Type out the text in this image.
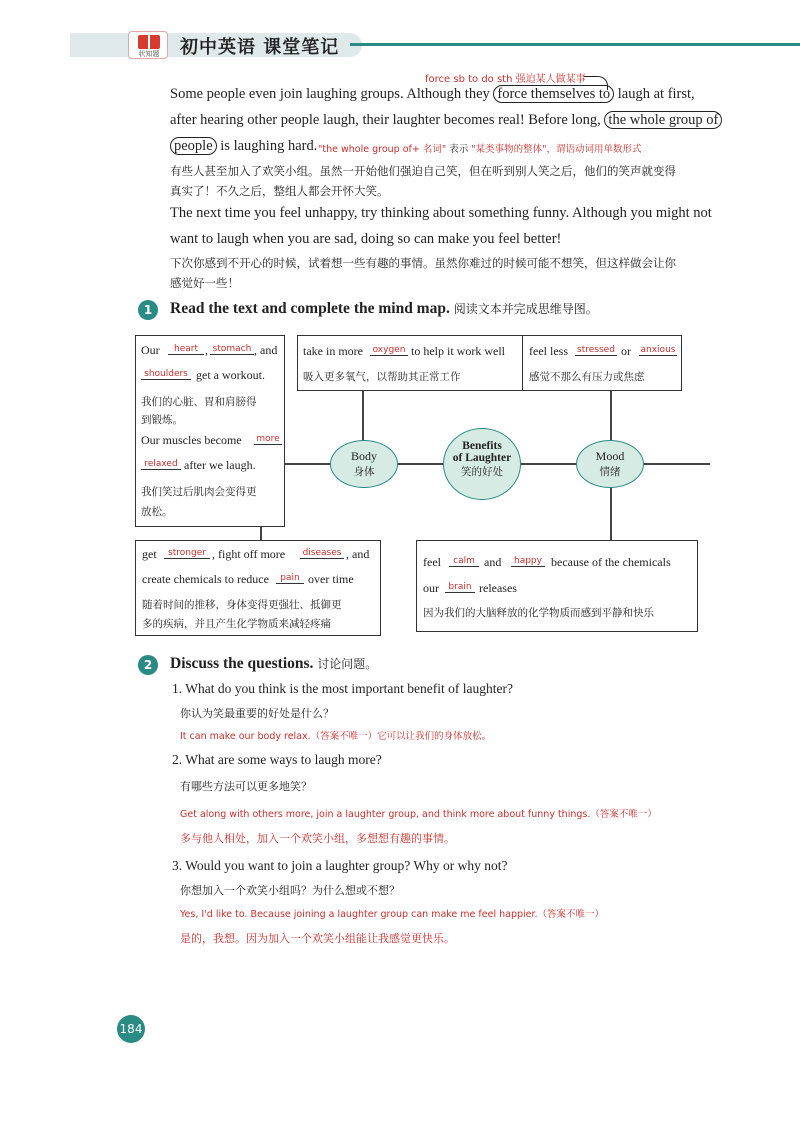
状知题	初中英语 课堂笔记
force sb to do sth 强迫某人做某事
Some people even join laughing groups. Although they force themselves to laugh at first,
after hearing other people laugh, their laughter becomes real! Before long, the whole group of
people is laughing hard. "the whole group of+ 名词" 表示 "某类事物的整体"，谓语动词用单数形式
有些人甚至加入了欢笑小组。虽然一开始他们强迫自己笑，但在听到别人笑之后，他们的笑声就变得
真实了！不久之后，整组人都会开怀大笑。
The next time you feel unhappy, try thinking about something funny. Although you might not
want to laugh when you are sad, doing so can make you feel better!
下次你感到不开心的时候，试着想一些有趣的事情。虽然你难过的时候可能不想笑，但这样做会让你
感觉好一些！
1	Read the text and complete the mind map. 阅读文本并完成思维导图。
Our	heart , stomach , and
shoulders get a workout.
我们的心脏、胃和肩膀得
到锻炼。
Our muscles become more
relaxed after we laugh.
我们笑过后肌肉会变得更
放松。
take in more oxygen to help it work well
吸入更多氧气，以帮助其正常工作
feel less stressed or anxious
感觉不那么有压力或焦虑
Body
身体
Benefits
of Laughter
笑的好处
Mood
情绪
get	stronger , fight off more diseases , and
create chemicals to reduce	pain over time
随着时间的推移，身体变得更强壮、抵御更
多的疾病，并且产生化学物质来减轻疼痛
feel	calm and	happy because of the chemicals
our	brain releases
因为我们的大脑释放的化学物质而感到平静和快乐
2	Discuss the questions. 讨论问题。
1. What do you think is the most important benefit of laughter?
你认为笑最重要的好处是什么？
It can make our body relax.（答案不唯一）它可以让我们的身体放松。
2. What are some ways to laugh more?
有哪些方法可以更多地笑？
Get along with others more, join a laughter group, and think more about funny things.（答案不唯一）
多与他人相处，加入一个欢笑小组，多想想有趣的事情。
3. Would you want to join a laughter group? Why or why not?
你想加入一个欢笑小组吗？为什么想或不想？
Yes, I'd like to. Because joining a laughter group can make me feel happier.（答案不唯一）
是的，我想。因为加入一个欢笑小组能让我感觉更快乐。
184
